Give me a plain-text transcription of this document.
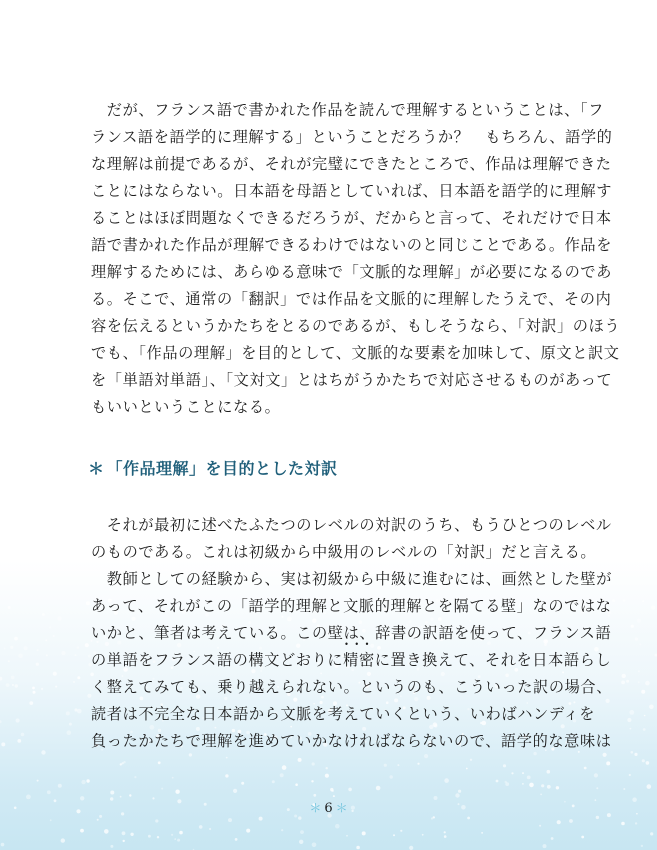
　だが、フランス語で書かれた作品を読んで理解するということは、「フ
ランス語を語学的に理解する」ということだろうか？　もちろん、語学的
な理解は前提であるが、それが完璧にできたところで、作品は理解できた
ことにはならない。日本語を母語としていれば、日本語を語学的に理解す
ることはほぼ問題なくできるだろうが、だからと言って、それだけで日本
語で書かれた作品が理解できるわけではないのと同じことである。作品を
理解するためには、あらゆる意味で「文脈的な理解」が必要になるのであ
る。そこで、通常の「翻訳」では作品を文脈的に理解したうえで、その内
容を伝えるというかたちをとるのであるが、もしそうなら、「対訳」のほう
でも、「作品の理解」を目的として、文脈的な要素を加味して、原文と訳文
を「単語対単語」、「文対文」とはちがうかたちで対応させるものがあって
もいいということになる。
＊ 「作品理解」を目的とした対訳
　それが最初に述べたふたつのレベルの対訳のうち、もうひとつのレベル
のものである。これは初級から中級用のレベルの「対訳」だと言える。
　教師としての経験から、実は初級から中級に進むには、画然とした壁が
あって、それがこの「語学的理解と文脈的理解とを隔てる壁」なのではな
いかと、筆者は考えている。この壁は、辞書の訳語を使って、フランス語
の単語をフランス語の構文どおりに• • • 精密に置き換えて、それを日本語らし
く整えてみても、乗り越えられない。というのも、こういった訳の場合、
読者は不完全な日本語から文脈を考えていくという、いわばハンディを
負ったかたちで理解を進めていかなければならないので、語学的な意味は
＊ 6 ＊
